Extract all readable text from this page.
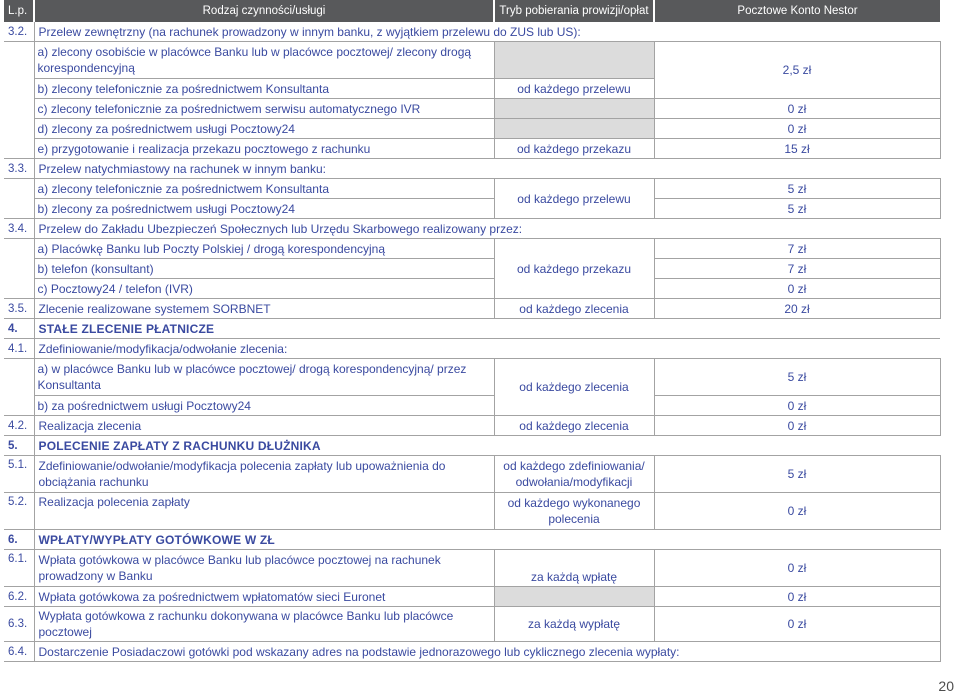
L.p.	Rodzaj czynności/usługi	Tryb pobierania prowizji/opłat	Pocztowe Konto Nestor
3.2.	Przelew zewnętrzny (na rachunek prowadzony w innym banku, z wyjątkiem przelewu do ZUS lub US):		

	a) zlecony osobiście w placówce Banku lub w placówce pocztowej/ zlecony drogą korespondencyjną		2,5 zł

	b) zlecony telefonicznie za pośrednictwem Konsultanta	od każdego przelewu	

	c) zlecony telefonicznie za pośrednictwem serwisu automatycznego IVR		0 zł

	d) zlecony za pośrednictwem usługi Pocztowy24		0 zł

	e) przygotowanie i realizacja przekazu pocztowego z rachunku	od każdego przekazu	15 zł
3.3.	Przelew natychmiastowy na rachunek w innym banku:		

	a) zlecony telefonicznie za pośrednictwem Konsultanta	od każdego przelewu	5 zł

	b) zlecony za pośrednictwem usługi Pocztowy24		5 zł
3.4.	Przelew do Zakładu Ubezpieczeń Społecznych lub Urzędu Skarbowego realizowany przez:		

	a) Placówkę Banku lub Poczty Polskiej / drogą korespondencyjną	od każdego przekazu	7 zł

	b) telefon (konsultant)		7 zł

	c) Pocztowy24 / telefon (IVR)		0 zł
3.5.	Zlecenie realizowane systemem SORBNET	od każdego zlecenia	20 zł
4.	STAŁE ZLECENIE PŁATNICZE		
4.1.	Zdefiniowanie/modyfikacja/odwołanie zlecenia:		

	a) w placówce Banku lub w placówce pocztowej/ drogą korespondencyjną/ przez Konsultanta	od każdego zlecenia	5 zł

	b) za pośrednictwem usługi Pocztowy24		0 zł
4.2.	Realizacja zlecenia	od każdego zlecenia	0 zł
5.	POLECENIE ZAPŁATY Z RACHUNKU DŁUŻNIKA		
5.1.	Zdefiniowanie/odwołanie/modyfikacja polecenia zapłaty lub upoważnienia do obciążania rachunku	od każdego zdefiniowania/ odwołania/modyfikacji	5 zł
5.2.	Realizacja polecenia zapłaty	od każdego wykonanego polecenia	0 zł
6.	WPŁATY/WYPŁATY GOTÓWKOWE W ZŁ		
6.1.	Wpłata gotówkowa w placówce Banku lub placówce pocztowej na rachunek prowadzony w Banku	za każdą wpłatę	0 zł
6.2.	Wpłata gotówkowa za pośrednictwem wpłatomatów sieci Euronet		0 zł
6.3.	Wypłata gotówkowa z rachunku dokonywana w placówce Banku lub placówce pocztowej	za każdą wypłatę	0 zł
6.4.	Dostarczenie Posiadaczowi gotówki pod wskazany adres na podstawie jednorazowego lub cyklicznego zlecenia wypłaty:		
20
